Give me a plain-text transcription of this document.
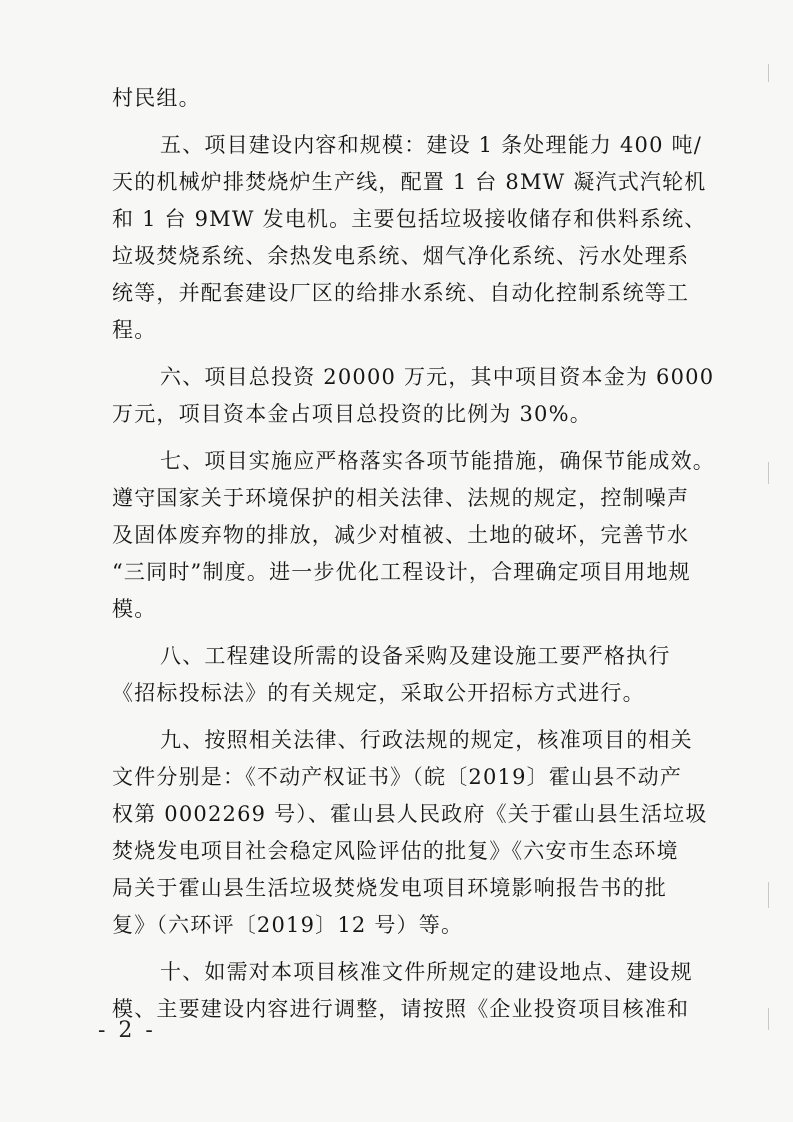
村民组。
五、项目建设内容和规模：建设 1 条处理能力 400 吨/
天的机械炉排焚烧炉生产线，配置 1 台 8MW 凝汽式汽轮机
和 1 台 9MW 发电机。主要包括垃圾接收储存和供料系统、
垃圾焚烧系统、余热发电系统、烟气净化系统、污水处理系
统等，并配套建设厂区的给排水系统、自动化控制系统等工
程。
六、项目总投资 20000 万元，其中项目资本金为 6000
万元，项目资本金占项目总投资的比例为 30%。
七、项目实施应严格落实各项节能措施，确保节能成效。
遵守国家关于环境保护的相关法律、法规的规定，控制噪声
及固体废弃物的排放，减少对植被、土地的破坏，完善节水
“三同时”制度。进一步优化工程设计，合理确定项目用地规
模。
八、工程建设所需的设备采购及建设施工要严格执行
《招标投标法》的有关规定，采取公开招标方式进行。
九、按照相关法律、行政法规的规定，核准项目的相关
文件分别是：《不动产权证书》（皖〔2019〕霍山县不动产
权第 0002269 号）、霍山县人民政府《关于霍山县生活垃圾
焚烧发电项目社会稳定风险评估的批复》《六安市生态环境
局关于霍山县生活垃圾焚烧发电项目环境影响报告书的批
复》（六环评〔2019〕12 号）等。
十、如需对本项目核准文件所规定的建设地点、建设规
模、主要建设内容进行调整，请按照《企业投资项目核准和
- 2 -
